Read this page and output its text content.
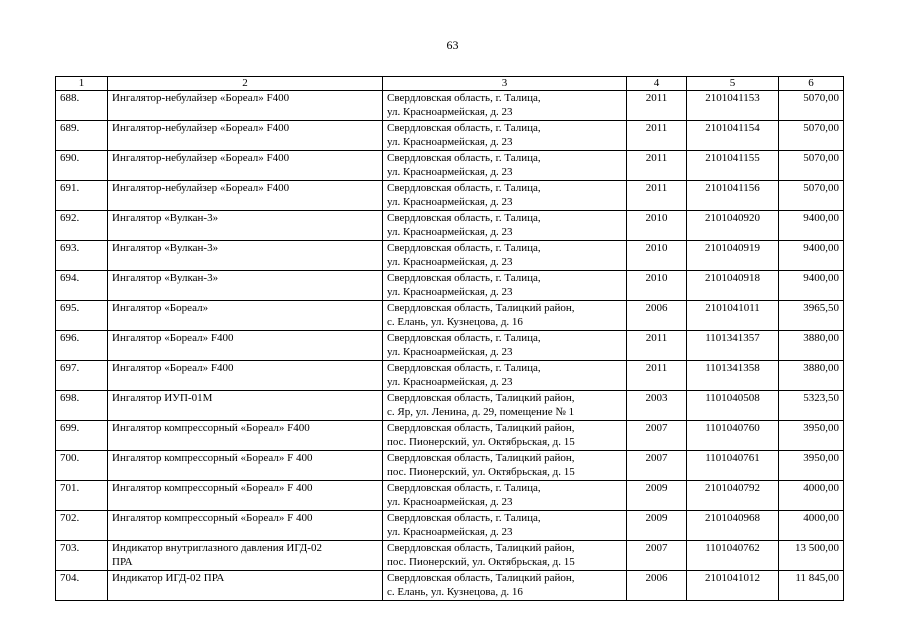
63
1	2	3	4	5	6

688.	Ингалятор-небулайзер «Бореал» F400	Свердловская область, г. Талица,
ул. Красноармейская, д. 23	2011	2101041153	5070,00

689.	Ингалятор-небулайзер «Бореал» F400	Свердловская область, г. Талица,
ул. Красноармейская, д. 23	2011	2101041154	5070,00

690.	Ингалятор-небулайзер «Бореал» F400	Свердловская область, г. Талица,
ул. Красноармейская, д. 23	2011	2101041155	5070,00

691.	Ингалятор-небулайзер «Бореал» F400	Свердловская область, г. Талица,
ул. Красноармейская, д. 23	2011	2101041156	5070,00

692.	Ингалятор «Вулкан-3»	Свердловская область, г. Талица,
ул. Красноармейская, д. 23	2010	2101040920	9400,00

693.	Ингалятор «Вулкан-3»	Свердловская область, г. Талица,
ул. Красноармейская, д. 23	2010	2101040919	9400,00

694.	Ингалятор «Вулкан-3»	Свердловская область, г. Талица,
ул. Красноармейская, д. 23	2010	2101040918	9400,00

695.	Ингалятор «Бореал»	Свердловская область, Талицкий район,
с. Елань, ул. Кузнецова, д. 16	2006	2101041011	3965,50

696.	Ингалятор «Бореал» F400	Свердловская область, г. Талица,
ул. Красноармейская, д. 23	2011	1101341357	3880,00

697.	Ингалятор «Бореал» F400	Свердловская область, г. Талица,
ул. Красноармейская, д. 23	2011	1101341358	3880,00

698.	Ингалятор ИУП-01М	Свердловская область, Талицкий район,
с. Яр, ул. Ленина, д. 29, помещение № 1	2003	1101040508	5323,50

699.	Ингалятор компрессорный «Бореал» F400	Свердловская область, Талицкий район,
пос. Пионерский, ул. Октябрьская, д. 15	2007	1101040760	3950,00

700.	Ингалятор компрессорный «Бореал» F 400	Свердловская область, Талицкий район,
пос. Пионерский, ул. Октябрьская, д. 15	2007	1101040761	3950,00

701.	Ингалятор компрессорный «Бореал» F 400	Свердловская область, г. Талица,
ул. Красноармейская, д. 23	2009	2101040792	4000,00

702.	Ингалятор компрессорный «Бореал» F 400	Свердловская область, г. Талица,
ул. Красноармейская, д. 23	2009	2101040968	4000,00

703.	Индикатор внутриглазного давления ИГД-02
ПРА	Свердловская область, Талицкий район,
пос. Пионерский, ул. Октябрьская, д. 15	2007	1101040762	13 500,00

704.	Индикатор ИГД-02 ПРА	Свердловская область, Талицкий район,
с. Елань, ул. Кузнецова, д. 16	2006	2101041012	11 845,00
